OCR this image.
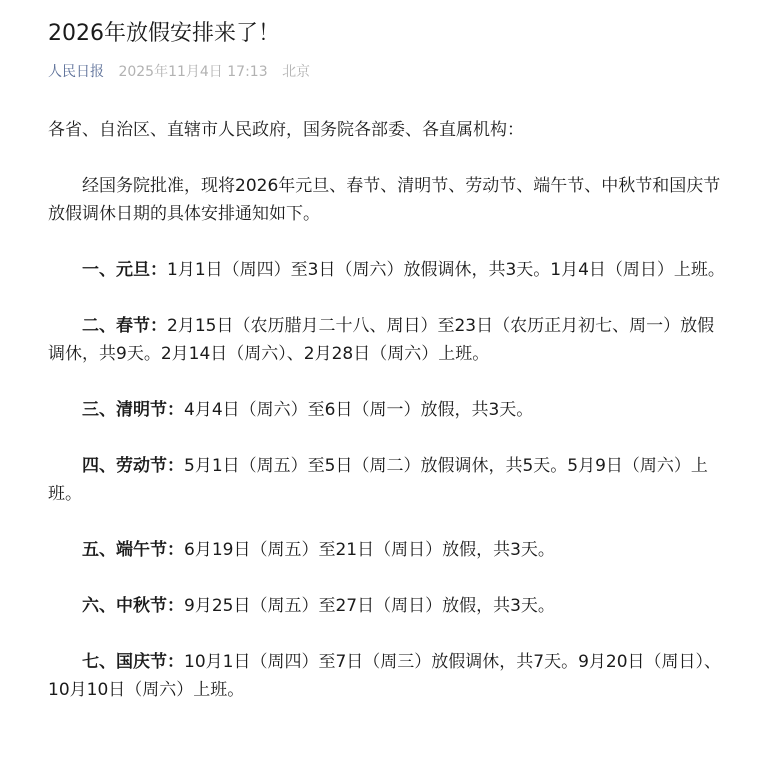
2026年放假安排来了！
人民日报 2025年11月4日 17:13 北京

各省、自治区、直辖市人民政府，国务院各部委、各直属机构：

经国务院批准，现将2026年元旦、春节、清明节、劳动节、端午节、中秋节和国庆节放假调休日期的具体安排通知如下。

一、元旦：1月1日（周四）至3日（周六）放假调休，共3天。1月4日（周日）上班。

二、春节：2月15日（农历腊月二十八、周日）至23日（农历正月初七、周一）放假调休，共9天。2月14日（周六）、2月28日（周六）上班。

三、清明节：4月4日（周六）至6日（周一）放假，共3天。

四、劳动节：5月1日（周五）至5日（周二）放假调休，共5天。5月9日（周六）上班。

五、端午节：6月19日（周五）至21日（周日）放假，共3天。

六、中秋节：9月25日（周五）至27日（周日）放假，共3天。

七、国庆节：10月1日（周四）至7日（周三）放假调休，共7天。9月20日（周日）、10月10日（周六）上班。
